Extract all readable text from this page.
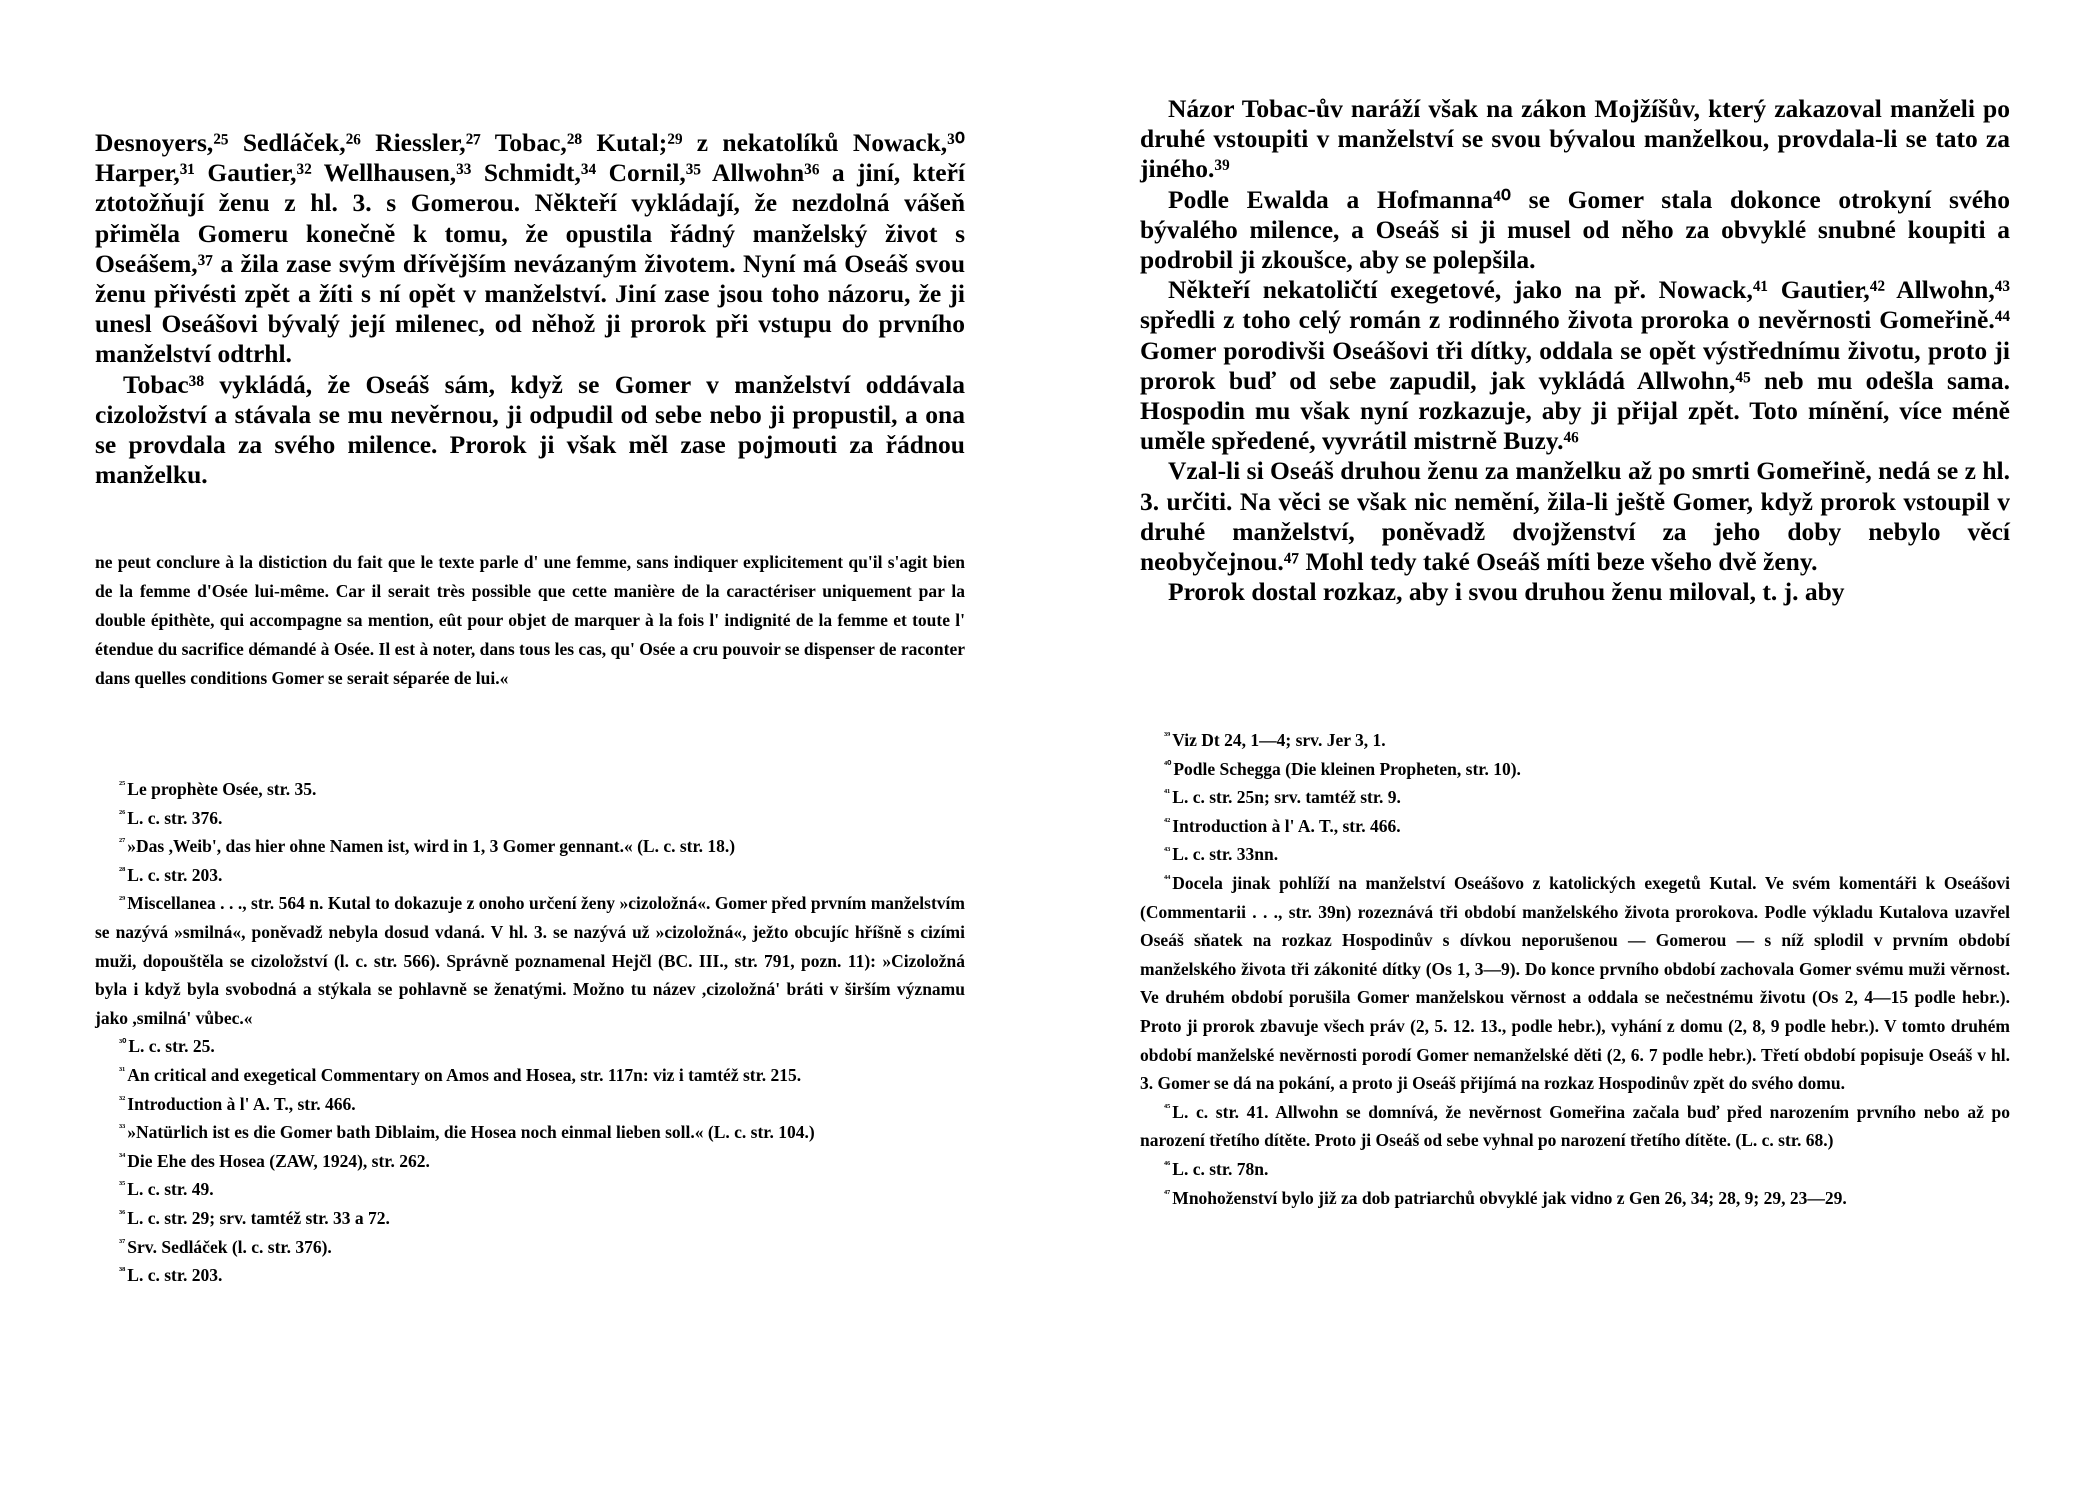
Desnoyers,²⁵ Sedláček,²⁶ Riessler,²⁷ Tobac,²⁸ Kutal;²⁹ z nekatolíků Nowack,³⁰ Harper,³¹ Gautier,³² Wellhausen,³³ Schmidt,³⁴ Cornil,³⁵ Allwohn³⁶ a jiní, kteří ztotožňují ženu z hl. 3. s Gomerou. Někteří vykládají, že nezdolná vášeň přiměla Gomeru konečně k tomu, že opustila řádný manželský život s Oseášem,³⁷ a žila zase svým dřívějším nevázaným životem. Nyní má Oseáš svou ženu přivésti zpět a žíti s ní opět v manželství. Jiní zase jsou toho názoru, že ji unesl Oseášovi bývalý její milenec, od něhož ji prorok při vstupu do prvního manželství odtrhl.

Tobac³⁸ vykládá, že Oseáš sám, když se Gomer v manželství oddávala cizoložství a stávala se mu nevěrnou, ji odpudil od sebe nebo ji propustil, a ona se provdala za svého milence. Prorok ji však měl zase pojmouti za řádnou manželku.

ne peut conclure à la distiction du fait que le texte parle d' une femme, sans indiquer explicitement qu'il s'agit bien de la femme d'Osée lui-même. Car il serait très possible que cette manière de la caractériser uniquement par la double épithète, qui accompagne sa mention, eût pour objet de marquer à la fois l' indignité de la femme et toute l' étendue du sacrifice démandé à Osée. Il est à noter, dans tous les cas, qu' Osée a cru pouvoir se dispenser de raconter dans quelles conditions Gomer se serait séparée de lui.«

$^{^{25}}$ Le prophète Osée, str. 35.

$^{^{26}}$ L. c. str. 376.

$^{^{27}}$ »Das ,Weib', das hier ohne Namen ist, wird in 1, 3 Gomer gennant.« (L. c. str. 18.)

$^{^{28}}$ L. c. str. 203.

$^{^{29}}$ Miscellanea . . ., str. 564 n. Kutal to dokazuje z onoho určení ženy »cizoložná«. Gomer před prvním manželstvím se nazývá »smilná«, poněvadž nebyla dosud vdaná. V hl. 3. se nazývá už »cizoložná«, ježto obcujíc hříšně s cizími muži, dopouštěla se cizoložství (l. c. str. 566). Správně poznamenal Hejčl (BC. III., str. 791, pozn. 11): »Cizoložná byla i když byla svobodná a stýkala se pohlavně se ženatými. Možno tu název ,cizoložná' bráti v širším významu jako ,smilná' vůbec.«

$^{^{30}}$ L. c. str. 25.

$^{^{31}}$ An critical and exegetical Commentary on Amos and Hosea, str. 117n: viz i tamtéž str. 215.

$^{^{32}}$ Introduction à l' A. T., str. 466.

$^{^{33}}$ »Natürlich ist es die Gomer bath Diblaim, die Hosea noch einmal lieben soll.« (L. c. str. 104.)

$^{^{34}}$ Die Ehe des Hosea (ZAW, 1924), str. 262.

$^{^{35}}$ L. c. str. 49.

$^{^{36}}$ L. c. str. 29; srv. tamtéž str. 33 a 72.

$^{^{37}}$ Srv. Sedláček (l. c. str. 376).

$^{^{38}}$ L. c. str. 203.

Názor Tobac-ův naráží však na zákon Mojžíšův, který zakazoval manželi po druhé vstoupiti v manželství se svou bývalou manželkou, provdala-li se tato za jiného.³⁹

Podle Ewalda a Hofmanna⁴⁰ se Gomer stala dokonce otrokyní svého bývalého milence, a Oseáš si ji musel od něho za obvyklé snubné koupiti a podrobil ji zkoušce, aby se polepšila.

Někteří nekatoličtí exegetové, jako na př. Nowack,⁴¹ Gautier,⁴² Allwohn,⁴³ spředli z toho celý román z rodinného života proroka o nevěrnosti Gomeřině.⁴⁴ Gomer porodivši Oseášovi tři dítky, oddala se opět výstřednímu životu, proto ji prorok buď od sebe zapudil, jak vykládá Allwohn,⁴⁵ neb mu odešla sama. Hospodin mu však nyní rozkazuje, aby ji přijal zpět. Toto mínění, více méně uměle spředené, vyvrátil mistrně Buzy.⁴⁶

Vzal-li si Oseáš druhou ženu za manželku až po smrti Gomeřině, nedá se z hl. 3. určiti. Na věci se však nic nemění, žila-li ještě Gomer, když prorok vstoupil v druhé manželství, poněvadž dvojženství za jeho doby nebylo věcí neobyčejnou.⁴⁷ Mohl tedy také Oseáš míti beze všeho dvě ženy.

Prorok dostal rozkaz, aby i svou druhou ženu miloval, t. j. aby

$^{^{39}}$ Viz Dt 24, 1—4; srv. Jer 3, 1.

$^{^{40}}$ Podle Schegga (Die kleinen Propheten, str. 10).

$^{^{41}}$ L. c. str. 25n; srv. tamtéž str. 9.

$^{^{42}}$ Introduction à l' A. T., str. 466.

$^{^{43}}$ L. c. str. 33nn.

$^{^{44}}$ Docela jinak pohlíží na manželství Oseášovo z katolických exegetů Kutal. Ve svém komentáři k Oseášovi (Commentarii . . ., str. 39n) rozeznává tři období manželského života prorokova. Podle výkladu Kutalova uzavřel Oseáš sňatek na rozkaz Hospodinův s dívkou neporušenou — Gomerou — s níž splodil v prvním období manželského života tři zákonité dítky (Os 1, 3—9). Do konce prvního období zachovala Gomer svému muži věrnost. Ve druhém období porušila Gomer manželskou věrnost a oddala se nečestnému životu (Os 2, 4—15 podle hebr.). Proto ji prorok zbavuje všech práv (2, 5. 12. 13., podle hebr.), vyhání z domu (2, 8, 9 podle hebr.). V tomto druhém období manželské nevěrnosti porodí Gomer nemanželské děti (2, 6. 7 podle hebr.). Třetí období popisuje Oseáš v hl. 3. Gomer se dá na pokání, a proto ji Oseáš přijímá na rozkaz Hospodinův zpět do svého domu.

$^{^{45}}$ L. c. str. 41. Allwohn se domnívá, že nevěrnost Gomeřina začala buď před narozením prvního nebo až po narození třetího dítěte. Proto ji Oseáš od sebe vyhnal po narození třetího dítěte. (L. c. str. 68.)

$^{^{46}}$ L. c. str. 78n.

$^{^{47}}$ Mnohoženství bylo již za dob patriarchů obvyklé jak vidno z Gen 26, 34; 28, 9; 29, 23—29.
